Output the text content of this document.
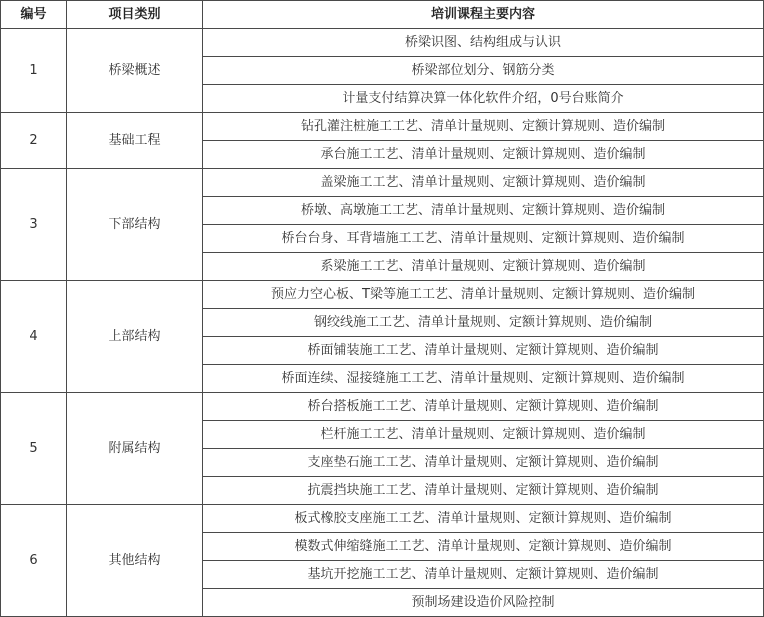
编号	项目类别	培训课程主要内容
1	桥梁概述	桥梁识图、结构组成与认识
		桥梁部位划分、钢筋分类
		计量支付结算决算一体化软件介绍，0号台账简介
2	基础工程	钻孔灌注桩施工工艺、清单计量规则、定额计算规则、造价编制
		承台施工工艺、清单计量规则、定额计算规则、造价编制
3	下部结构	盖梁施工工艺、清单计量规则、定额计算规则、造价编制
		桥墩、高墩施工工艺、清单计量规则、定额计算规则、造价编制
		桥台台身、耳背墙施工工艺、清单计量规则、定额计算规则、造价编制
		系梁施工工艺、清单计量规则、定额计算规则、造价编制
4	上部结构	预应力空心板、T梁等施工工艺、清单计量规则、定额计算规则、造价编制
		钢绞线施工工艺、清单计量规则、定额计算规则、造价编制
		桥面铺装施工工艺、清单计量规则、定额计算规则、造价编制
		桥面连续、湿接缝施工工艺、清单计量规则、定额计算规则、造价编制
5	附属结构	桥台搭板施工工艺、清单计量规则、定额计算规则、造价编制
		栏杆施工工艺、清单计量规则、定额计算规则、造价编制
		支座垫石施工工艺、清单计量规则、定额计算规则、造价编制
		抗震挡块施工工艺、清单计量规则、定额计算规则、造价编制
6	其他结构	板式橡胶支座施工工艺、清单计量规则、定额计算规则、造价编制
		模数式伸缩缝施工工艺、清单计量规则、定额计算规则、造价编制
		基坑开挖施工工艺、清单计量规则、定额计算规则、造价编制
		预制场建设造价风险控制
